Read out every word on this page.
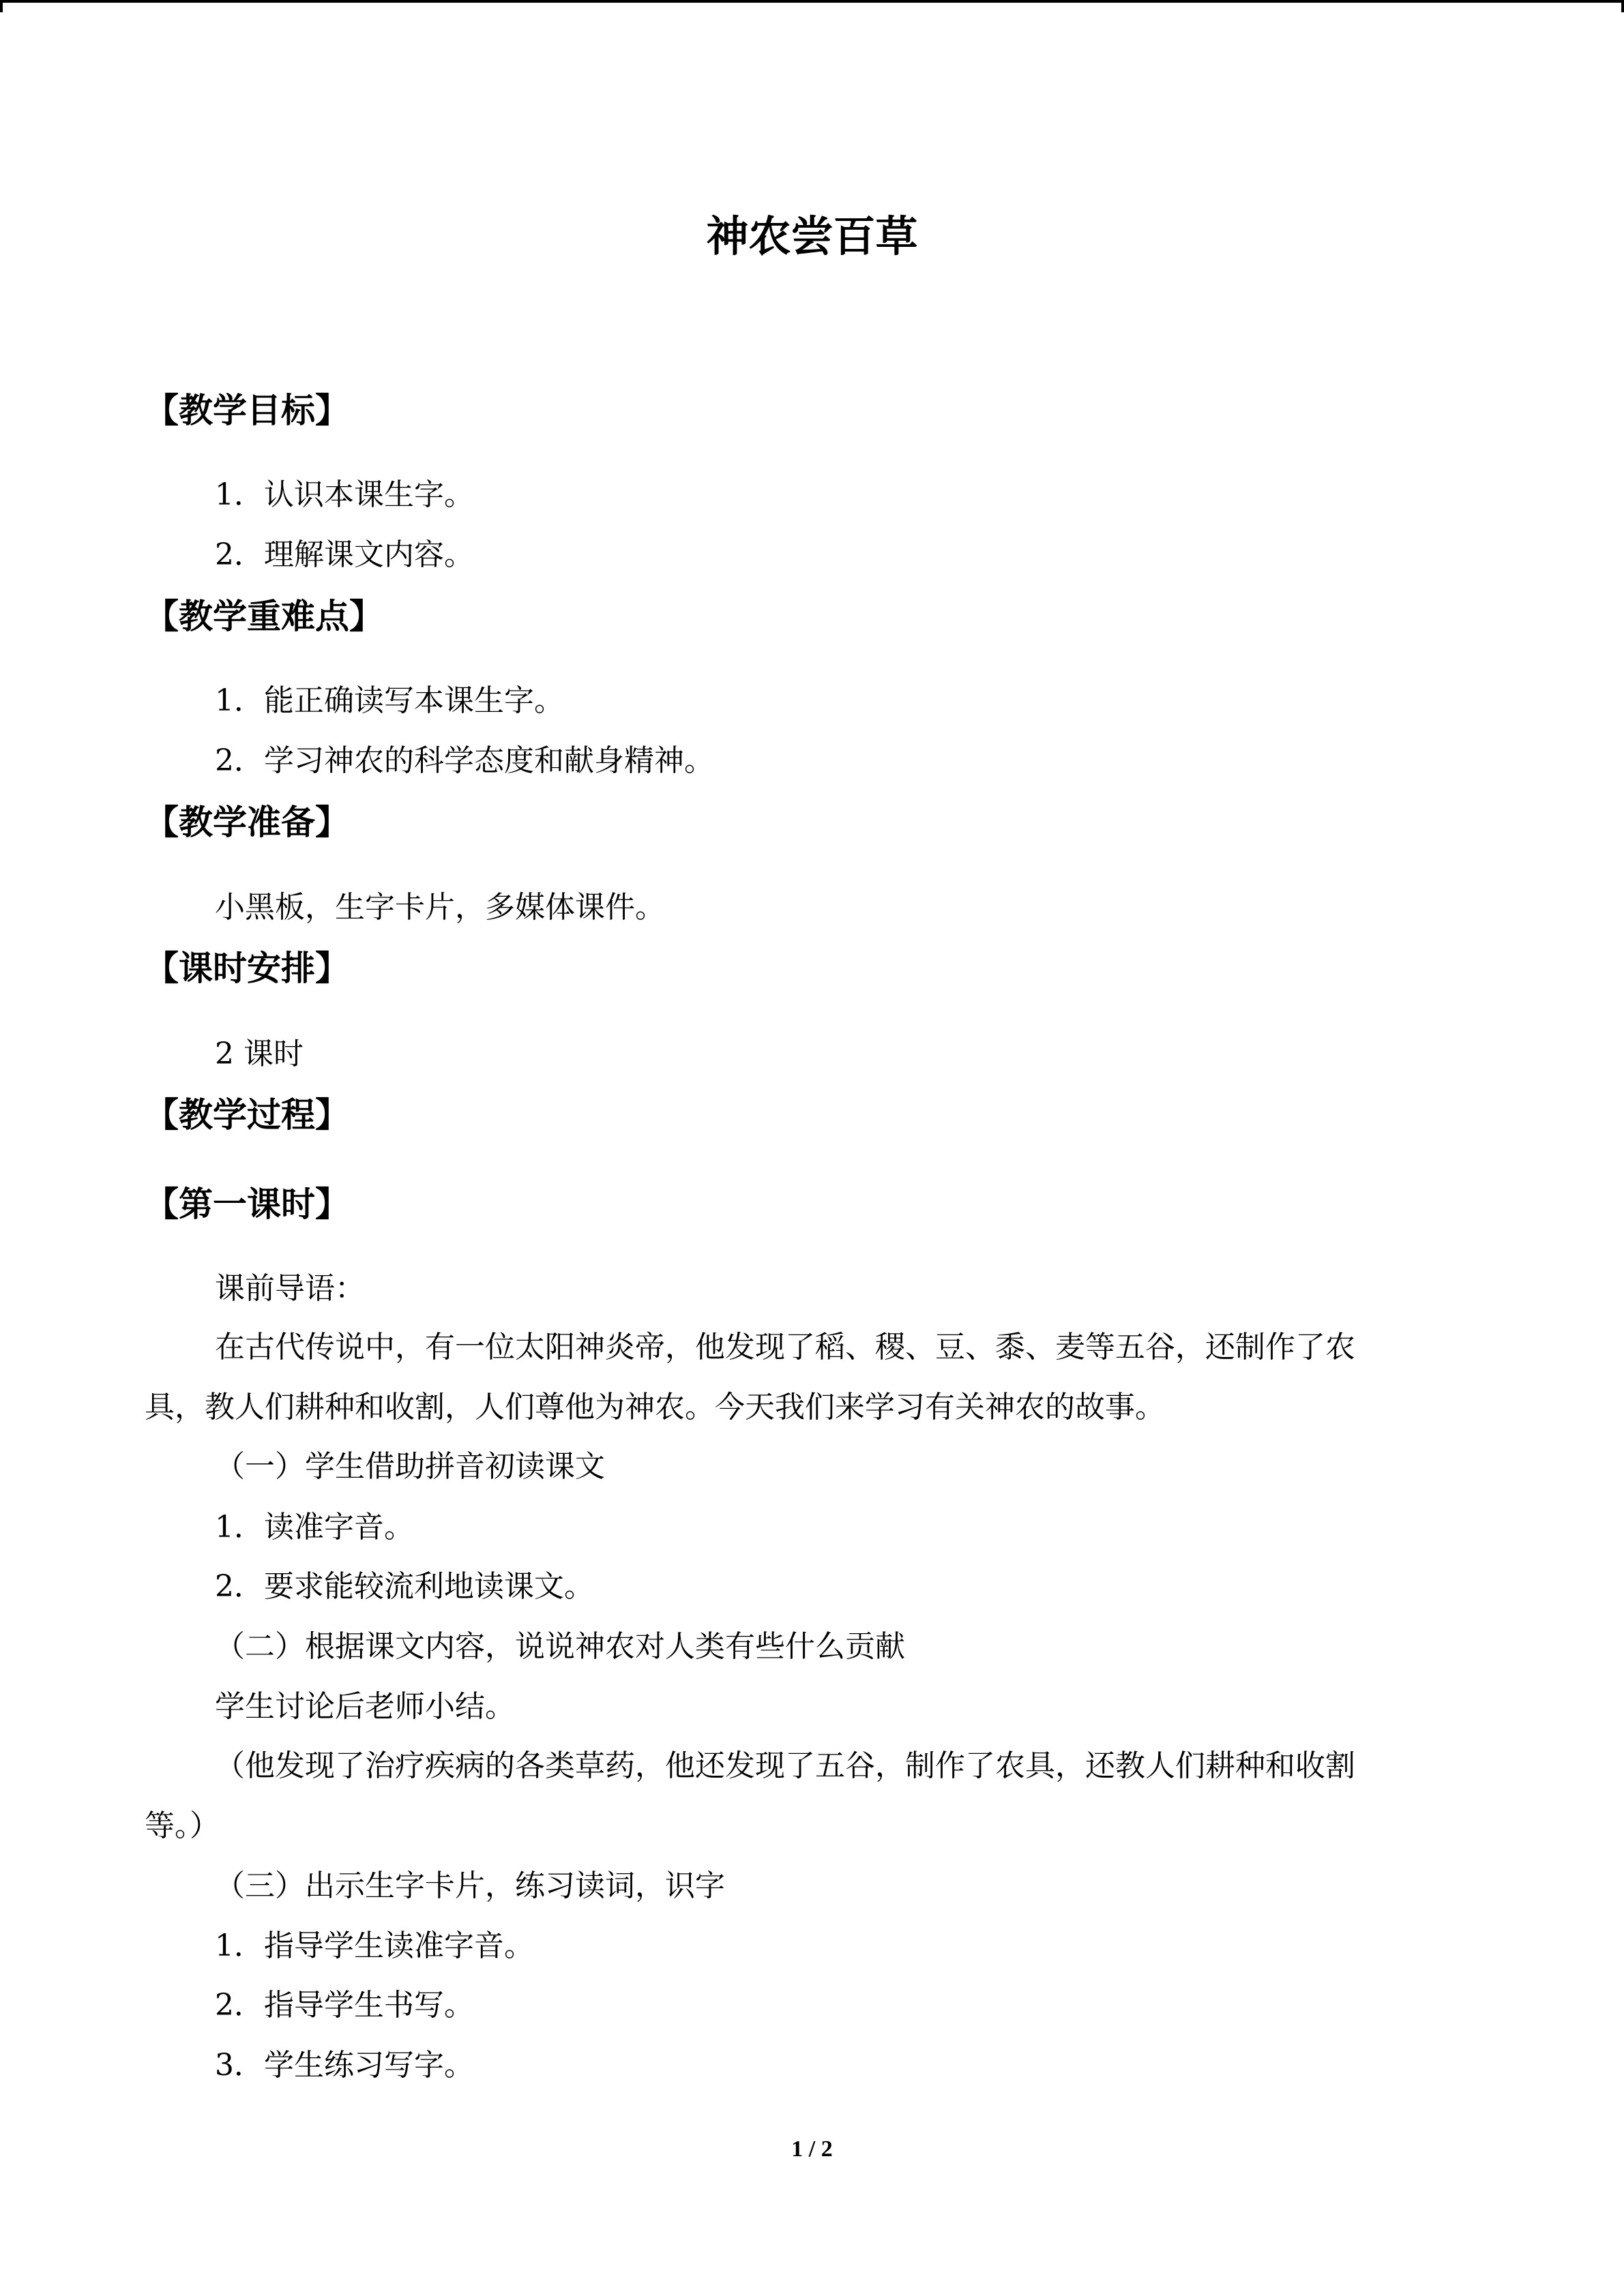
神农尝百草
【教学目标】
1．认识本课生字。
2．理解课文内容。
【教学重难点】
1．能正确读写本课生字。
2．学习神农的科学态度和献身精神。
【教学准备】
小黑板，生字卡片，多媒体课件。
【课时安排】
2 课时
【教学过程】
【第一课时】
课前导语：
在古代传说中，有一位太阳神炎帝，他发现了稻、稷、豆、黍、麦等五谷，还制作了农
具，教人们耕种和收割，人们尊他为神农。今天我们来学习有关神农的故事。
（一）学生借助拼音初读课文
1．读准字音。
2．要求能较流利地读课文。
（二）根据课文内容，说说神农对人类有些什么贡献
学生讨论后老师小结。
（他发现了治疗疾病的各类草药，他还发现了五谷，制作了农具，还教人们耕种和收割
等。）
（三）出示生字卡片，练习读词，识字
1．指导学生读准字音。
2．指导学生书写。
3．学生练习写字。
1 / 2
